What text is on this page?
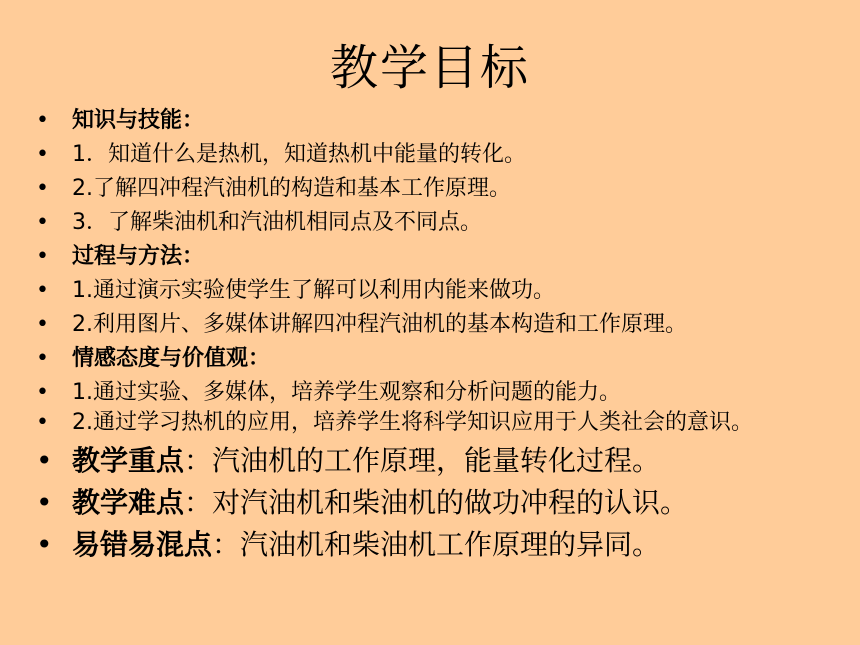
教学目标
•	知识与技能：
•	1．知道什么是热机，知道热机中能量的转化。
•	2.了解四冲程汽油机的构造和基本工作原理。
•	3．了解柴油机和汽油机相同点及不同点。
•	过程与方法：
•	1.通过演示实验使学生了解可以利用内能来做功。
•	2.利用图片、多媒体讲解四冲程汽油机的基本构造和工作原理。
•	情感态度与价值观：
•	1.通过实验、多媒体，培养学生观察和分析问题的能力。
•	2.通过学习热机的应用，培养学生将科学知识应用于人类社会的意识。
• 教学重点：汽油机的工作原理，能量转化过程。
• 教学难点：对汽油机和柴油机的做功冲程的认识。
• 易错易混点：汽油机和柴油机工作原理的异同。
